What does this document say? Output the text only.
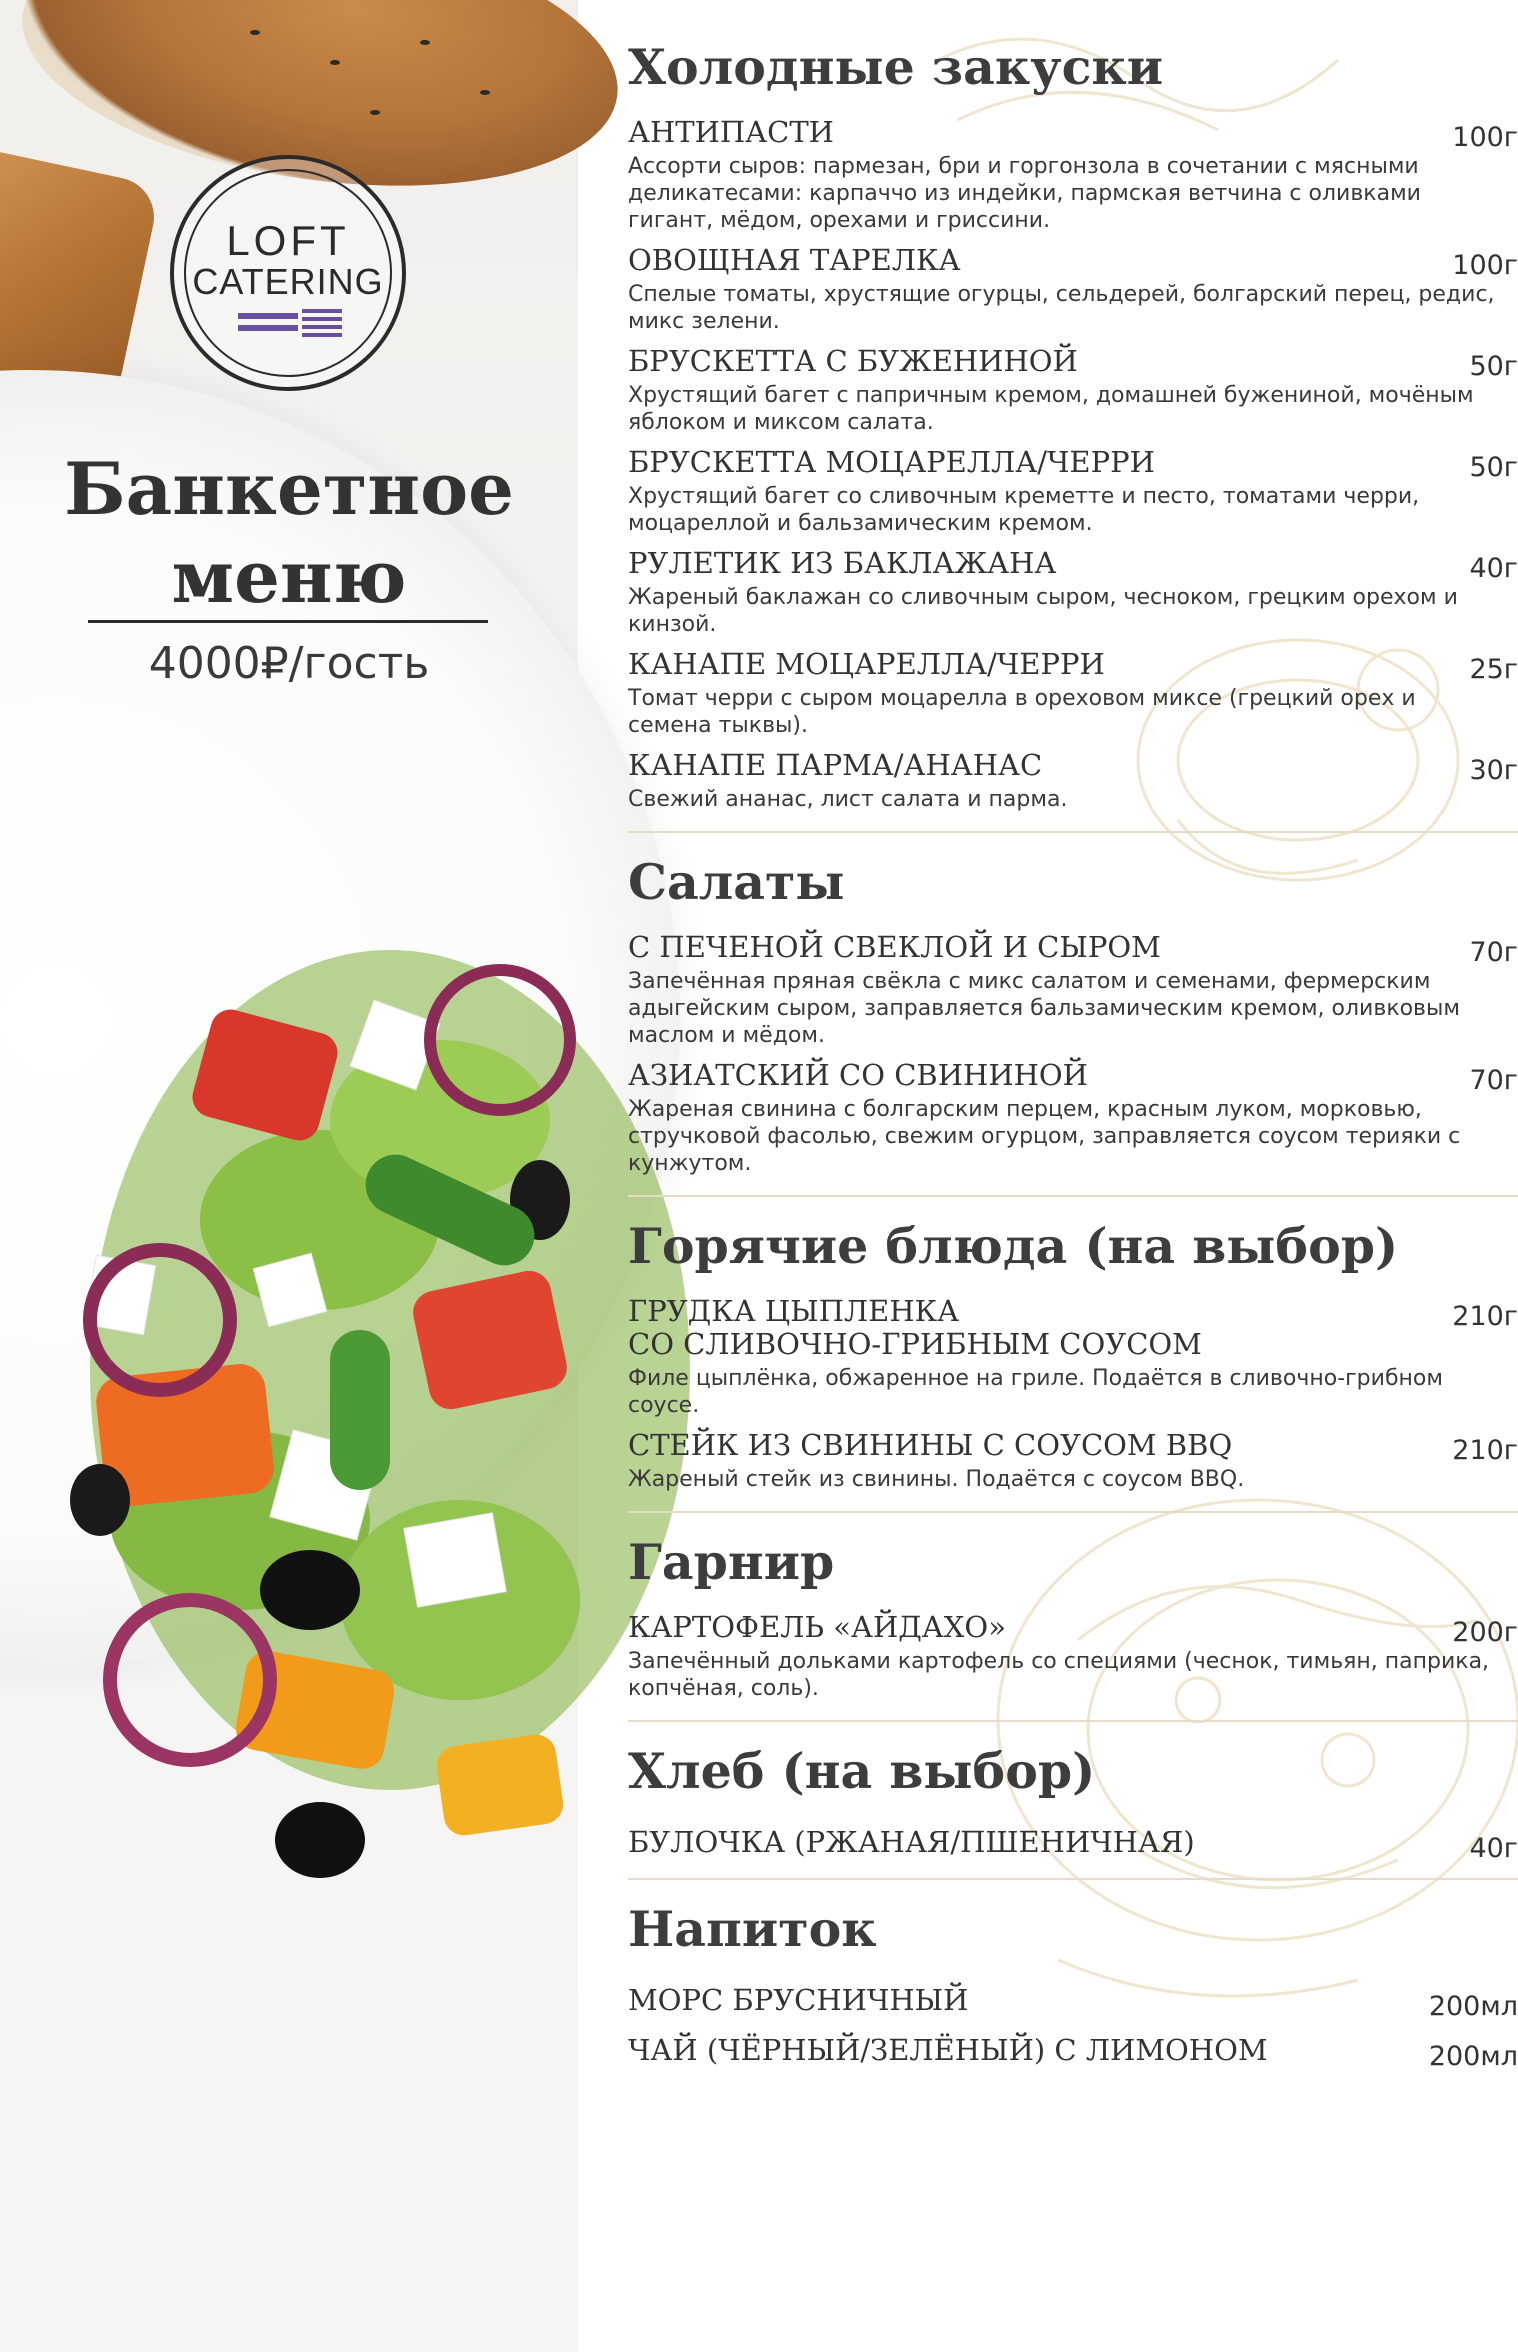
LOFT
CATERING
Банкетное
меню
4000₽/гость
Холодные закуски
АНТИПАСТИ	100г
Ассорти сыров: пармезан, бри и горгонзола в сочетании с мясными деликатесами: карпаччо из индейки, пармская ветчина с оливками гигант, мёдом, орехами и гриссини.
ОВОЩНАЯ ТАРЕЛКА	100г
Спелые томаты, хрустящие огурцы, сельдерей, болгарский перец, редис, микс зелени.
БРУСКЕТТА С БУЖЕНИНОЙ	50г
Хрустящий багет с папричным кремом, домашней бужениной, мочёным яблоком и миксом салата.
БРУСКЕТТА МОЦАРЕЛЛА/ЧЕРРИ	50г
Хрустящий багет со сливочным креметте и песто, томатами черри, моцареллой и бальзамическим кремом.
РУЛЕТИК ИЗ БАКЛАЖАНА	40г
Жареный баклажан со сливочным сыром, чесноком, грецким орехом и кинзой.
КАНАПЕ МОЦАРЕЛЛА/ЧЕРРИ	25г
Томат черри с сыром моцарелла в ореховом миксе (грецкий орех и семена тыквы).
КАНАПЕ ПАРМА/АНАНАС	30г
Свежий ананас, лист салата и парма.
Салаты
С ПЕЧЕНОЙ СВЕКЛОЙ И СЫРОМ	70г
Запечённая пряная свёкла с микс салатом и семенами, фермерским адыгейским сыром, заправляется бальзамическим кремом, оливковым маслом и мёдом.
АЗИАТСКИЙ СО СВИНИНОЙ	70г
Жареная свинина с болгарским перцем, красным луком, морковью, стручковой фасолью, свежим огурцом, заправляется соусом терияки с кунжутом.
Горячие блюда (на выбор)
ГРУДКА ЦЫПЛЕНКА
СО СЛИВОЧНО-ГРИБНЫМ СОУСОМ
210г
Филе цыплёнка, обжаренное на гриле. Подаётся в сливочно-грибном соусе.
СТЕЙК ИЗ СВИНИНЫ С СОУСОМ BBQ	210г
Жареный стейк из свинины. Подаётся с соусом BBQ.
Гарнир
КАРТОФЕЛЬ «АЙДАХО»	200г
Запечённый дольками картофель со специями (чеснок, тимьян, паприка, копчёная, соль).
Хлеб (на выбор)
БУЛОЧКА (РЖАНАЯ/ПШЕНИЧНАЯ)	40г
Напиток
МОРС БРУСНИЧНЫЙ	200мл
ЧАЙ (ЧЁРНЫЙ/ЗЕЛЁНЫЙ) С ЛИМОНОМ	200мл
